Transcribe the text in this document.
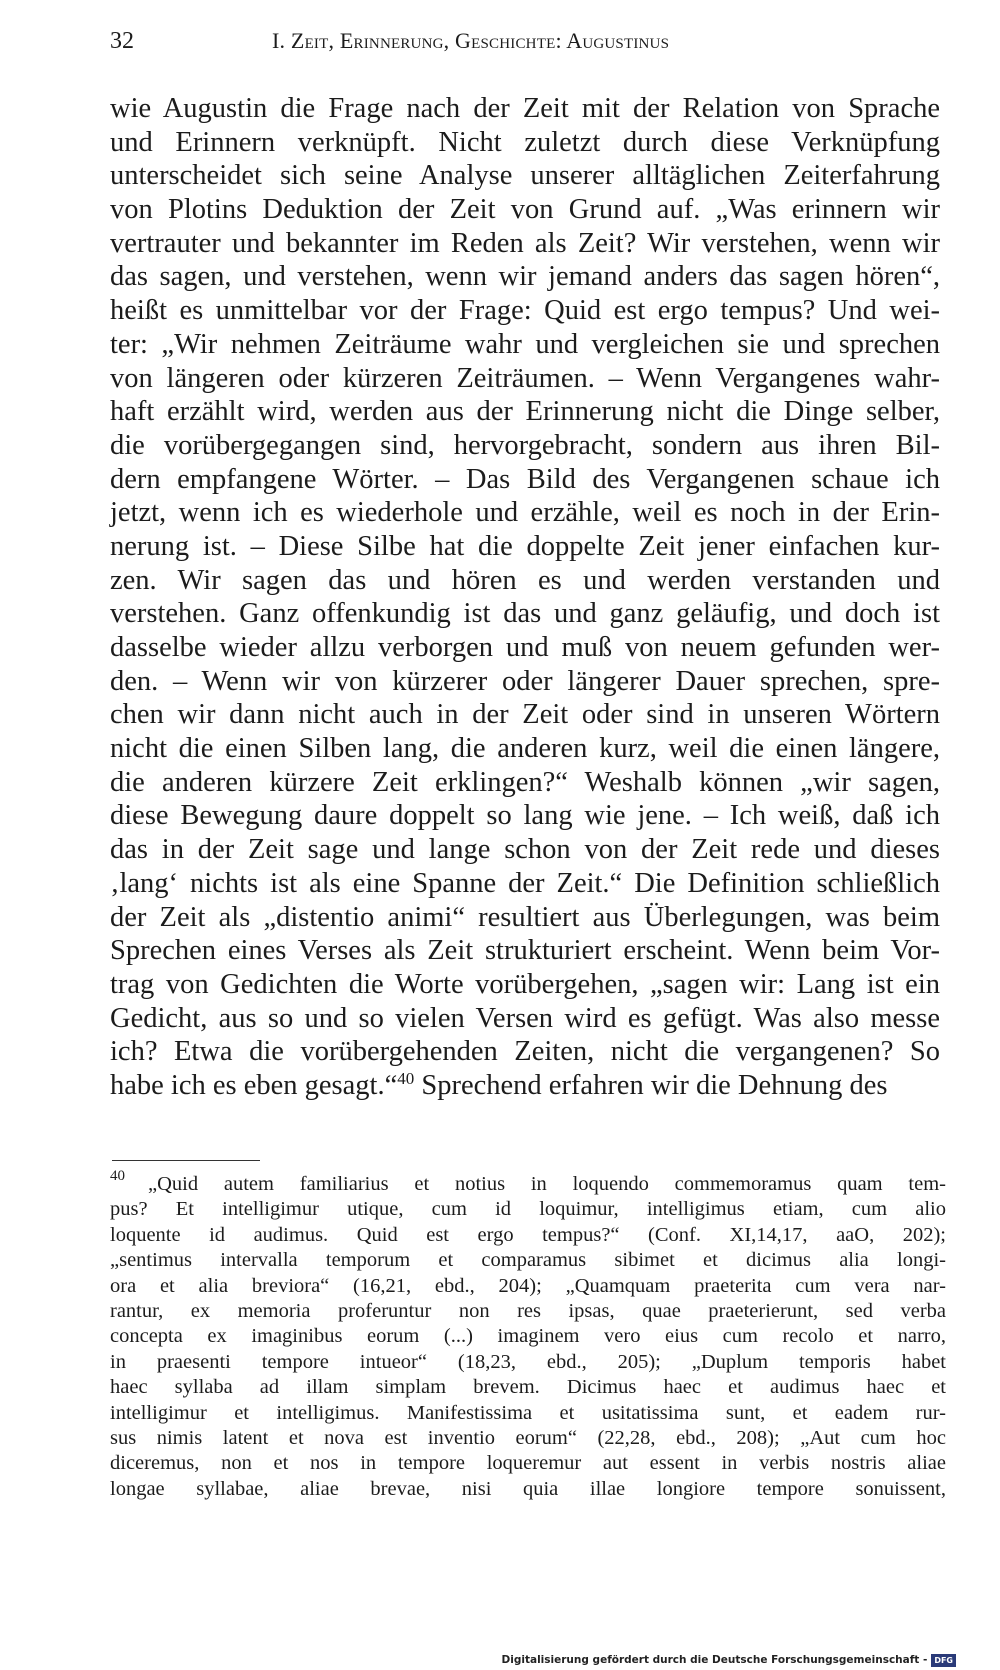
32	I. Zeit, Erinnerung, Geschichte: Augustinus
wie Augustin die Frage nach der Zeit mit der Relation von Sprache
und Erinnern verknüpft. Nicht zuletzt durch diese Verknüpfung
unterscheidet sich seine Analyse unserer alltäglichen Zeiterfahrung
von Plotins Deduktion der Zeit von Grund auf. „Was erinnern wir
vertrauter und bekannter im Reden als Zeit? Wir verstehen, wenn wir
das sagen, und verstehen, wenn wir jemand anders das sagen hören“,
heißt es unmittelbar vor der Frage: Quid est ergo tempus? Und wei-
ter: „Wir nehmen Zeiträume wahr und vergleichen sie und sprechen
von längeren oder kürzeren Zeiträumen. – Wenn Vergangenes wahr-
haft erzählt wird, werden aus der Erinnerung nicht die Dinge selber,
die vorübergegangen sind, hervorgebracht, sondern aus ihren Bil-
dern empfangene Wörter. – Das Bild des Vergangenen schaue ich
jetzt, wenn ich es wiederhole und erzähle, weil es noch in der Erin-
nerung ist. – Diese Silbe hat die doppelte Zeit jener einfachen kur-
zen. Wir sagen das und hören es und werden verstanden und
verstehen. Ganz offenkundig ist das und ganz geläufig, und doch ist
dasselbe wieder allzu verborgen und muß von neuem gefunden wer-
den. – Wenn wir von kürzerer oder längerer Dauer sprechen, spre-
chen wir dann nicht auch in der Zeit oder sind in unseren Wörtern
nicht die einen Silben lang, die anderen kurz, weil die einen längere,
die anderen kürzere Zeit erklingen?“ Weshalb können „wir sagen,
diese Bewegung daure doppelt so lang wie jene. – Ich weiß, daß ich
das in der Zeit sage und lange schon von der Zeit rede und dieses
‚lang‘ nichts ist als eine Spanne der Zeit.“ Die Definition schließlich
der Zeit als „distentio animi“ resultiert aus Überlegungen, was beim
Sprechen eines Verses als Zeit strukturiert erscheint. Wenn beim Vor-
trag von Gedichten die Worte vorübergehen, „sagen wir: Lang ist ein
Gedicht, aus so und so vielen Versen wird es gefügt. Was also messe
ich? Etwa die vorübergehenden Zeiten, nicht die vergangenen? So
habe ich es eben gesagt.“$^{40}$ Sprechend erfahren wir die Dehnung des
40	„Quid autem familiarius et notius in loquendo commemoramus quam tem-
pus? Et intelligimur utique, cum id loquimur, intelligimus etiam, cum alio
loquente id audimus. Quid est ergo tempus?“ (Conf. XI,14,17, aaO, 202);
„sentimus intervalla temporum et comparamus sibimet et dicimus alia longi-
ora et alia breviora“ (16,21, ebd., 204); „Quamquam praeterita cum vera nar-
rantur, ex memoria proferuntur non res ipsas, quae praeterierunt, sed verba
concepta ex imaginibus eorum (...) imaginem vero eius cum recolo et narro,
in praesenti tempore intueor“ (18,23, ebd., 205); „Duplum temporis habet
haec syllaba ad illam simplam brevem. Dicimus haec et audimus haec et
intelligimur et intelligimus. Manifestissima et usitatissima sunt, et eadem rur-
sus nimis latent et nova est inventio eorum“ (22,28, ebd., 208); „Aut cum hoc
diceremus, non et nos in tempore loqueremur aut essent in verbis nostris aliae
longae syllabae, aliae brevae, nisi quia illae longiore tempore sonuissent,
Digitalisierung gefördert durch die Deutsche Forschungsgemeinschaft - DFG
